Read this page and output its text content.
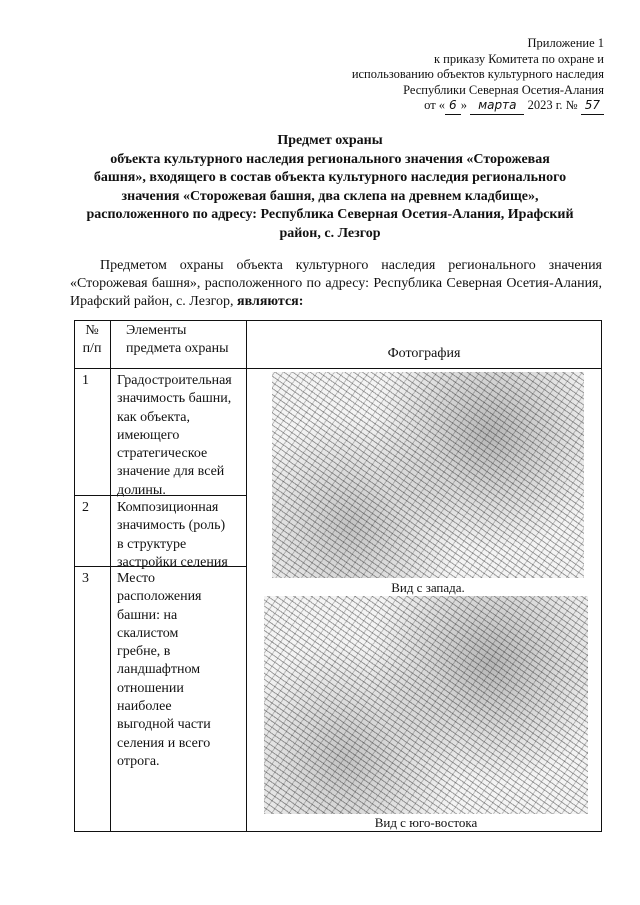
Приложение 1
к приказу Комитета по охране и
использованию объектов культурного наследия
Республики Северная Осетия-Алания
от « 6 » марта 2023 г. № 57
Предмет охраны
объекта культурного наследия регионального значения «Сторожевая
башня», входящего в состав объекта культурного наследия регионального
значения «Сторожевая башня, два склепа на древнем кладбище»,
расположенного по адресу: Республика Северная Осетия-Алания, Ирафский
район, с. Лезгор
Предметом охраны объекта культурного наследия регионального значения «Сторожевая башня», расположенного по адресу: Республика Северная Осетия-Алания, Ирафский район, с. Лезгор, являются:
№
п/п
Элементы
предмета охраны	Фотография
1 Градостроительная
значимость башни,
как объекта,
имеющего
стратегическое
значение для всей
долины.
2 Композиционная
значимость (роль)
в структуре
застройки селения
3 Место
расположения
башни: на
скалистом
гребне, в
ландшафтном
отношении
наиболее
выгодной части
селения и всего
отрога.
Вид с запада.
Вид с юго-востока
